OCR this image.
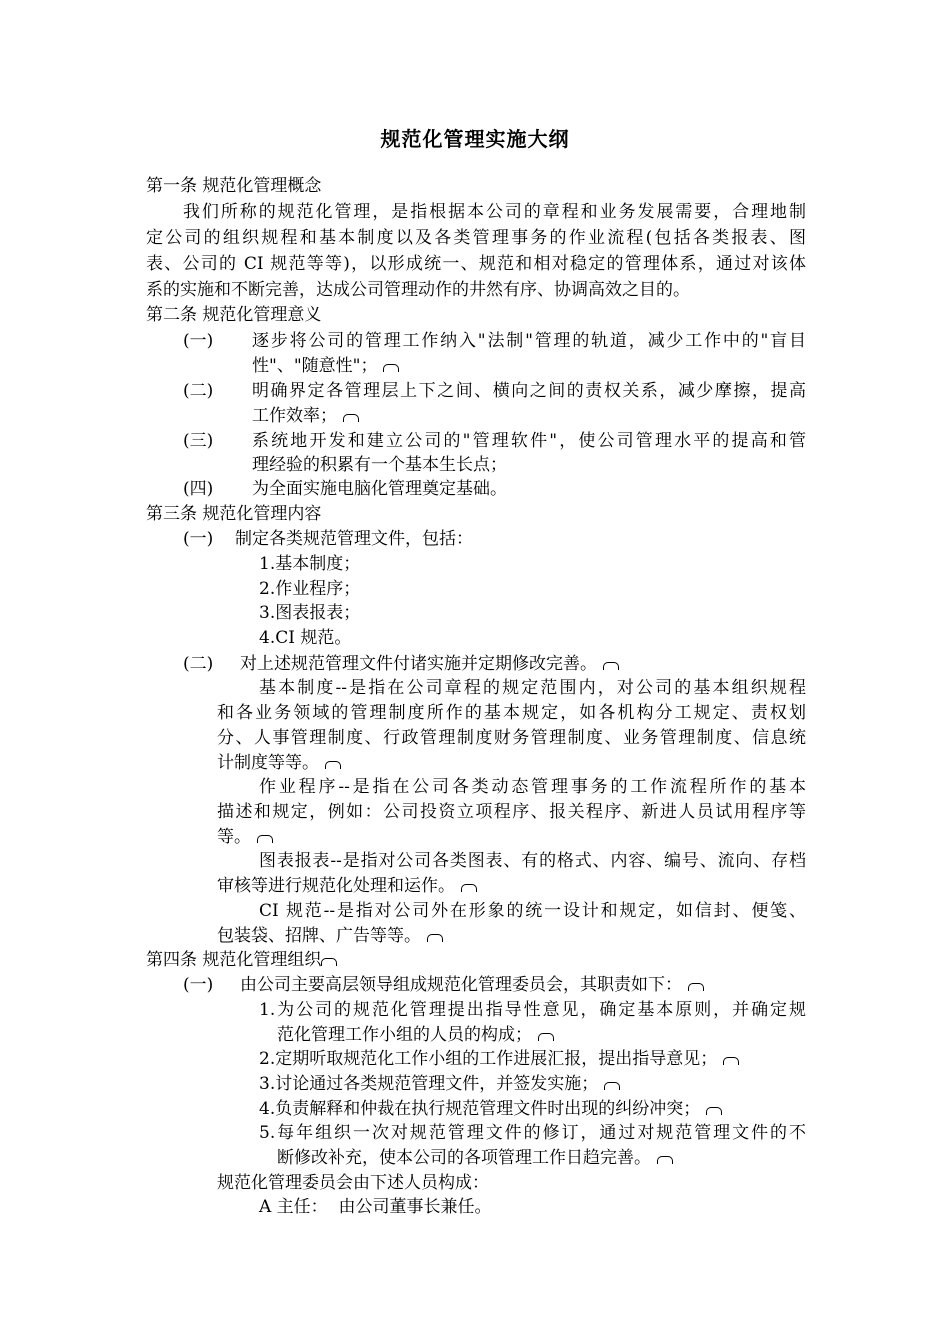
规范化管理实施大纲
第一条 规范化管理概念
我们所称的规范化管理，是指根据本公司的章程和业务发展需要，合理地制
定公司的组织规程和基本制度以及各类管理事务的作业流程(包括各类报表、图
表、公司的 CI 规范等等)，以形成统一、规范和相对稳定的管理体系，通过对该体
系的实施和不断完善，达成公司管理动作的井然有序、协调高效之目的。
第二条 规范化管理意义
(一) 逐步将公司的管理工作纳入"法制"管理的轨道，减少工作中的"盲目
性"、"随意性"；
(二) 明确界定各管理层上下之间、横向之间的责权关系，减少摩擦，提高
工作效率；
(三) 系统地开发和建立公司的"管理软件"，使公司管理水平的提高和管
理经验的积累有一个基本生长点；
(四) 为全面实施电脑化管理奠定基础。
第三条 规范化管理内容
(一) 制定各类规范管理文件，包括：
1.基本制度；
2.作业程序；
3.图表报表；
4.CI 规范。
(二) 对上述规范管理文件付诸实施并定期修改完善。
基本制度--是指在公司章程的规定范围内，对公司的基本组织规程
和各业务领域的管理制度所作的基本规定，如各机构分工规定、责权划
分、人事管理制度、行政管理制度财务管理制度、业务管理制度、信息统
计制度等等。
作业程序--是指在公司各类动态管理事务的工作流程所作的基本
描述和规定，例如：公司投资立项程序、报关程序、新进人员试用程序等
等。
图表报表--是指对公司各类图表、有的格式、内容、编号、流向、存档
审核等进行规范化处理和运作。
CI 规范--是指对公司外在形象的统一设计和规定，如信封、便笺、
包装袋、招牌、广告等等。
第四条 规范化管理组织
(一) 由公司主要高层领导组成规范化管理委员会，其职责如下：
1.为公司的规范化管理提出指导性意见，确定基本原则，并确定规
范化管理工作小组的人员的构成；
2.定期听取规范化工作小组的工作进展汇报，提出指导意见；
3.讨论通过各类规范管理文件，并签发实施；
4.负责解释和仲裁在执行规范管理文件时出现的纠纷冲突；
5.每年组织一次对规范管理文件的修订，通过对规范管理文件的不
断修改补充，使本公司的各项管理工作日趋完善。
规范化管理委员会由下述人员构成：
A 主任：  由公司董事长兼任。
